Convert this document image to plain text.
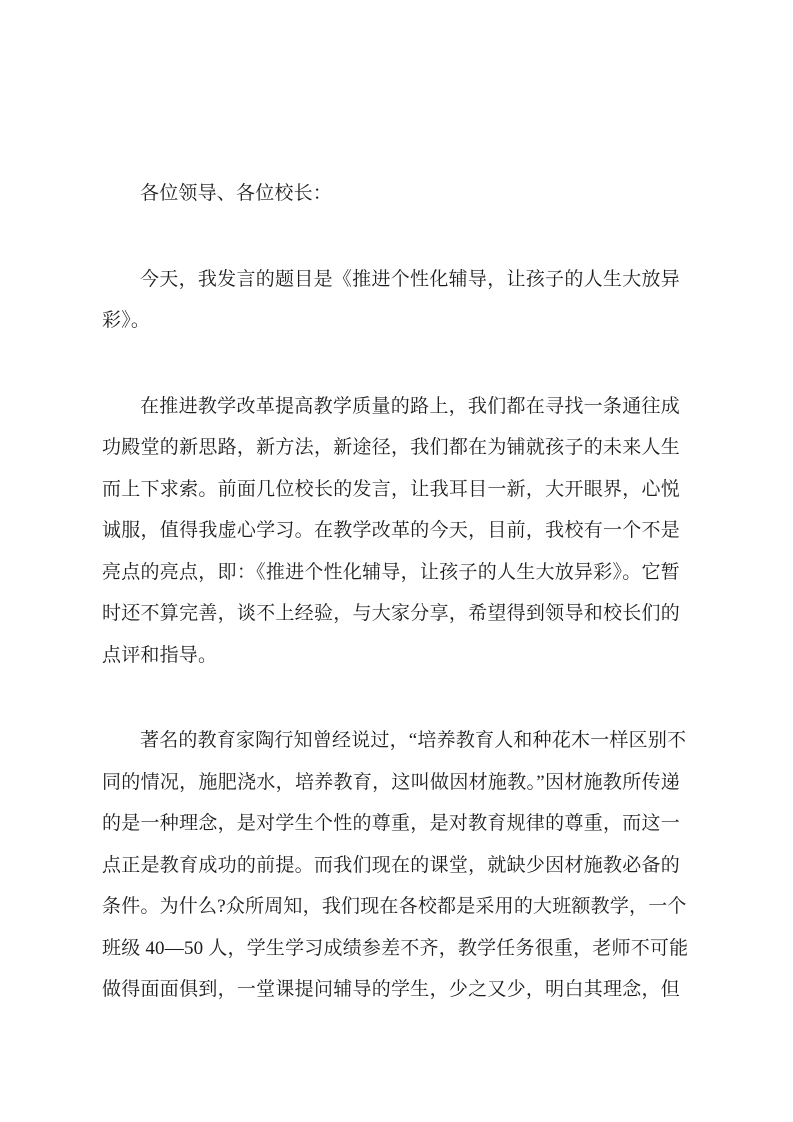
各位领导、各位校长：
今天，我发言的题目是《推进个性化辅导，让孩子的人生大放异
彩》。
在推进教学改革提高教学质量的路上，我们都在寻找一条通往成
功殿堂的新思路，新方法，新途径，我们都在为铺就孩子的未来人生
而上下求索。前面几位校长的发言，让我耳目一新，大开眼界，心悦
诚服，值得我虚心学习。在教学改革的今天，目前，我校有一个不是
亮点的亮点，即：《推进个性化辅导，让孩子的人生大放异彩》。它暂
时还不算完善，谈不上经验，与大家分享，希望得到领导和校长们的
点评和指导。
著名的教育家陶行知曾经说过，“培养教育人和种花木一样区别不
同的情况，施肥浇水，培养教育，这叫做因材施教。”因材施教所传递
的是一种理念，是对学生个性的尊重，是对教育规律的尊重，而这一
点正是教育成功的前提。而我们现在的课堂，就缺少因材施教必备的
条件。为什么?众所周知，我们现在各校都是采用的大班额教学，一个
班级 40—50 人，学生学习成绩参差不齐，教学任务很重，老师不可能
做得面面俱到，一堂课提问辅导的学生，少之又少，明白其理念，但
